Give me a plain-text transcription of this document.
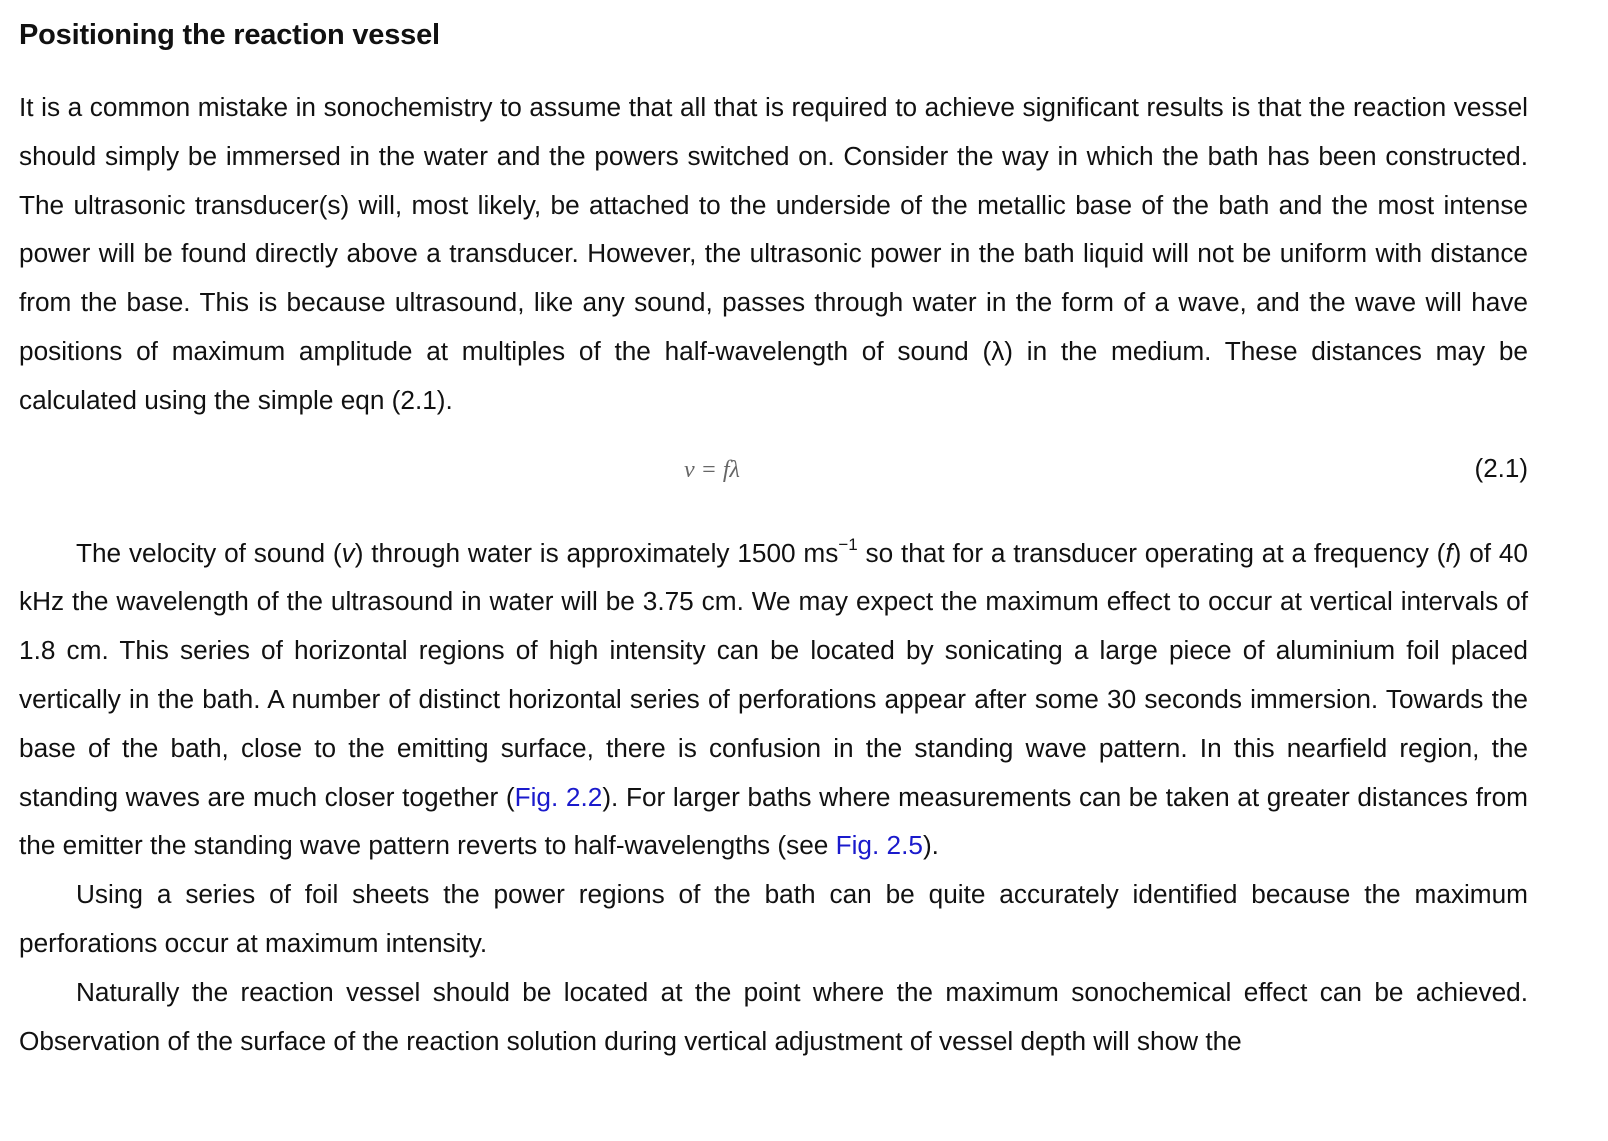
Positioning the reaction vessel

It is a common mistake in sonochemistry to assume that all that is required to achieve significant results is that the reaction vessel should simply be immersed in the water and the powers switched on. Consider the way in which the bath has been constructed. The ultrasonic transducer(s) will, most likely, be attached to the underside of the metallic base of the bath and the most intense power will be found directly above a transducer. However, the ultrasonic power in the bath liquid will not be uniform with distance from the base. This is because ultrasound, like any sound, passes through water in the form of a wave, and the wave will have positions of maximum amplitude at multiples of the half-wavelength of sound (λ) in the medium. These distances may be calculated using the simple eqn (2.1).

v = fλ	(2.1)

The velocity of sound (v) through water is approximately 1500 $ms^{-1}$ so that for a transducer operating at a frequency (f) of 40 kHz the wavelength of the ultrasound in water will be 3.75 cm. We may expect the maximum effect to occur at vertical intervals of 1.8 cm. This series of horizontal regions of high intensity can be located by sonicating a large piece of aluminium foil placed vertically in the bath. A number of distinct horizontal series of perforations appear after some 30 seconds immersion. Towards the base of the bath, close to the emitting surface, there is confusion in the standing wave pattern. In this nearfield region, the standing waves are much closer together (Fig. 2.2). For larger baths where measurements can be taken at greater distances from the emitter the standing wave pattern reverts to half-wavelengths (see Fig. 2.5).

Using a series of foil sheets the power regions of the bath can be quite accurately identified because the maximum perforations occur at maximum intensity.

Naturally the reaction vessel should be located at the point where the maximum sonochemical effect can be achieved. Observation of the surface of the reaction solution during vertical adjustment of vessel depth will show the
